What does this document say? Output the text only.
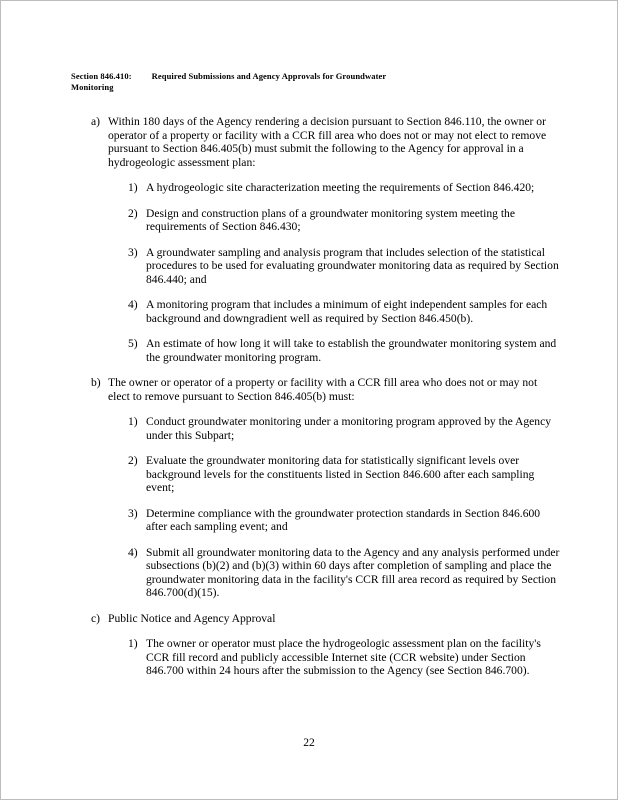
Section 846.410: Required Submissions and Agency Approvals for Groundwater Monitoring
a) Within 180 days of the Agency rendering a decision pursuant to Section 846.110, the owner or operator of a property or facility with a CCR fill area who does not or may not elect to remove pursuant to Section 846.405(b) must submit the following to the Agency for approval in a hydrogeologic assessment plan:
1) A hydrogeologic site characterization meeting the requirements of Section 846.420;
2) Design and construction plans of a groundwater monitoring system meeting the requirements of Section 846.430;
3) A groundwater sampling and analysis program that includes selection of the statistical procedures to be used for evaluating groundwater monitoring data as required by Section 846.440; and
4) A monitoring program that includes a minimum of eight independent samples for each background and downgradient well as required by Section 846.450(b).
5) An estimate of how long it will take to establish the groundwater monitoring system and the groundwater monitoring program.
b) The owner or operator of a property or facility with a CCR fill area who does not or may not elect to remove pursuant to Section 846.405(b) must:
1) Conduct groundwater monitoring under a monitoring program approved by the Agency under this Subpart;
2) Evaluate the groundwater monitoring data for statistically significant levels over background levels for the constituents listed in Section 846.600 after each sampling event;
3) Determine compliance with the groundwater protection standards in Section 846.600 after each sampling event; and
4) Submit all groundwater monitoring data to the Agency and any analysis performed under subsections (b)(2) and (b)(3) within 60 days after completion of sampling and place the groundwater monitoring data in the facility's CCR fill area record as required by Section 846.700(d)(15).
c) Public Notice and Agency Approval
1) The owner or operator must place the hydrogeologic assessment plan on the facility's CCR fill record and publicly accessible Internet site (CCR website) under Section 846.700 within 24 hours after the submission to the Agency (see Section 846.700).
22
